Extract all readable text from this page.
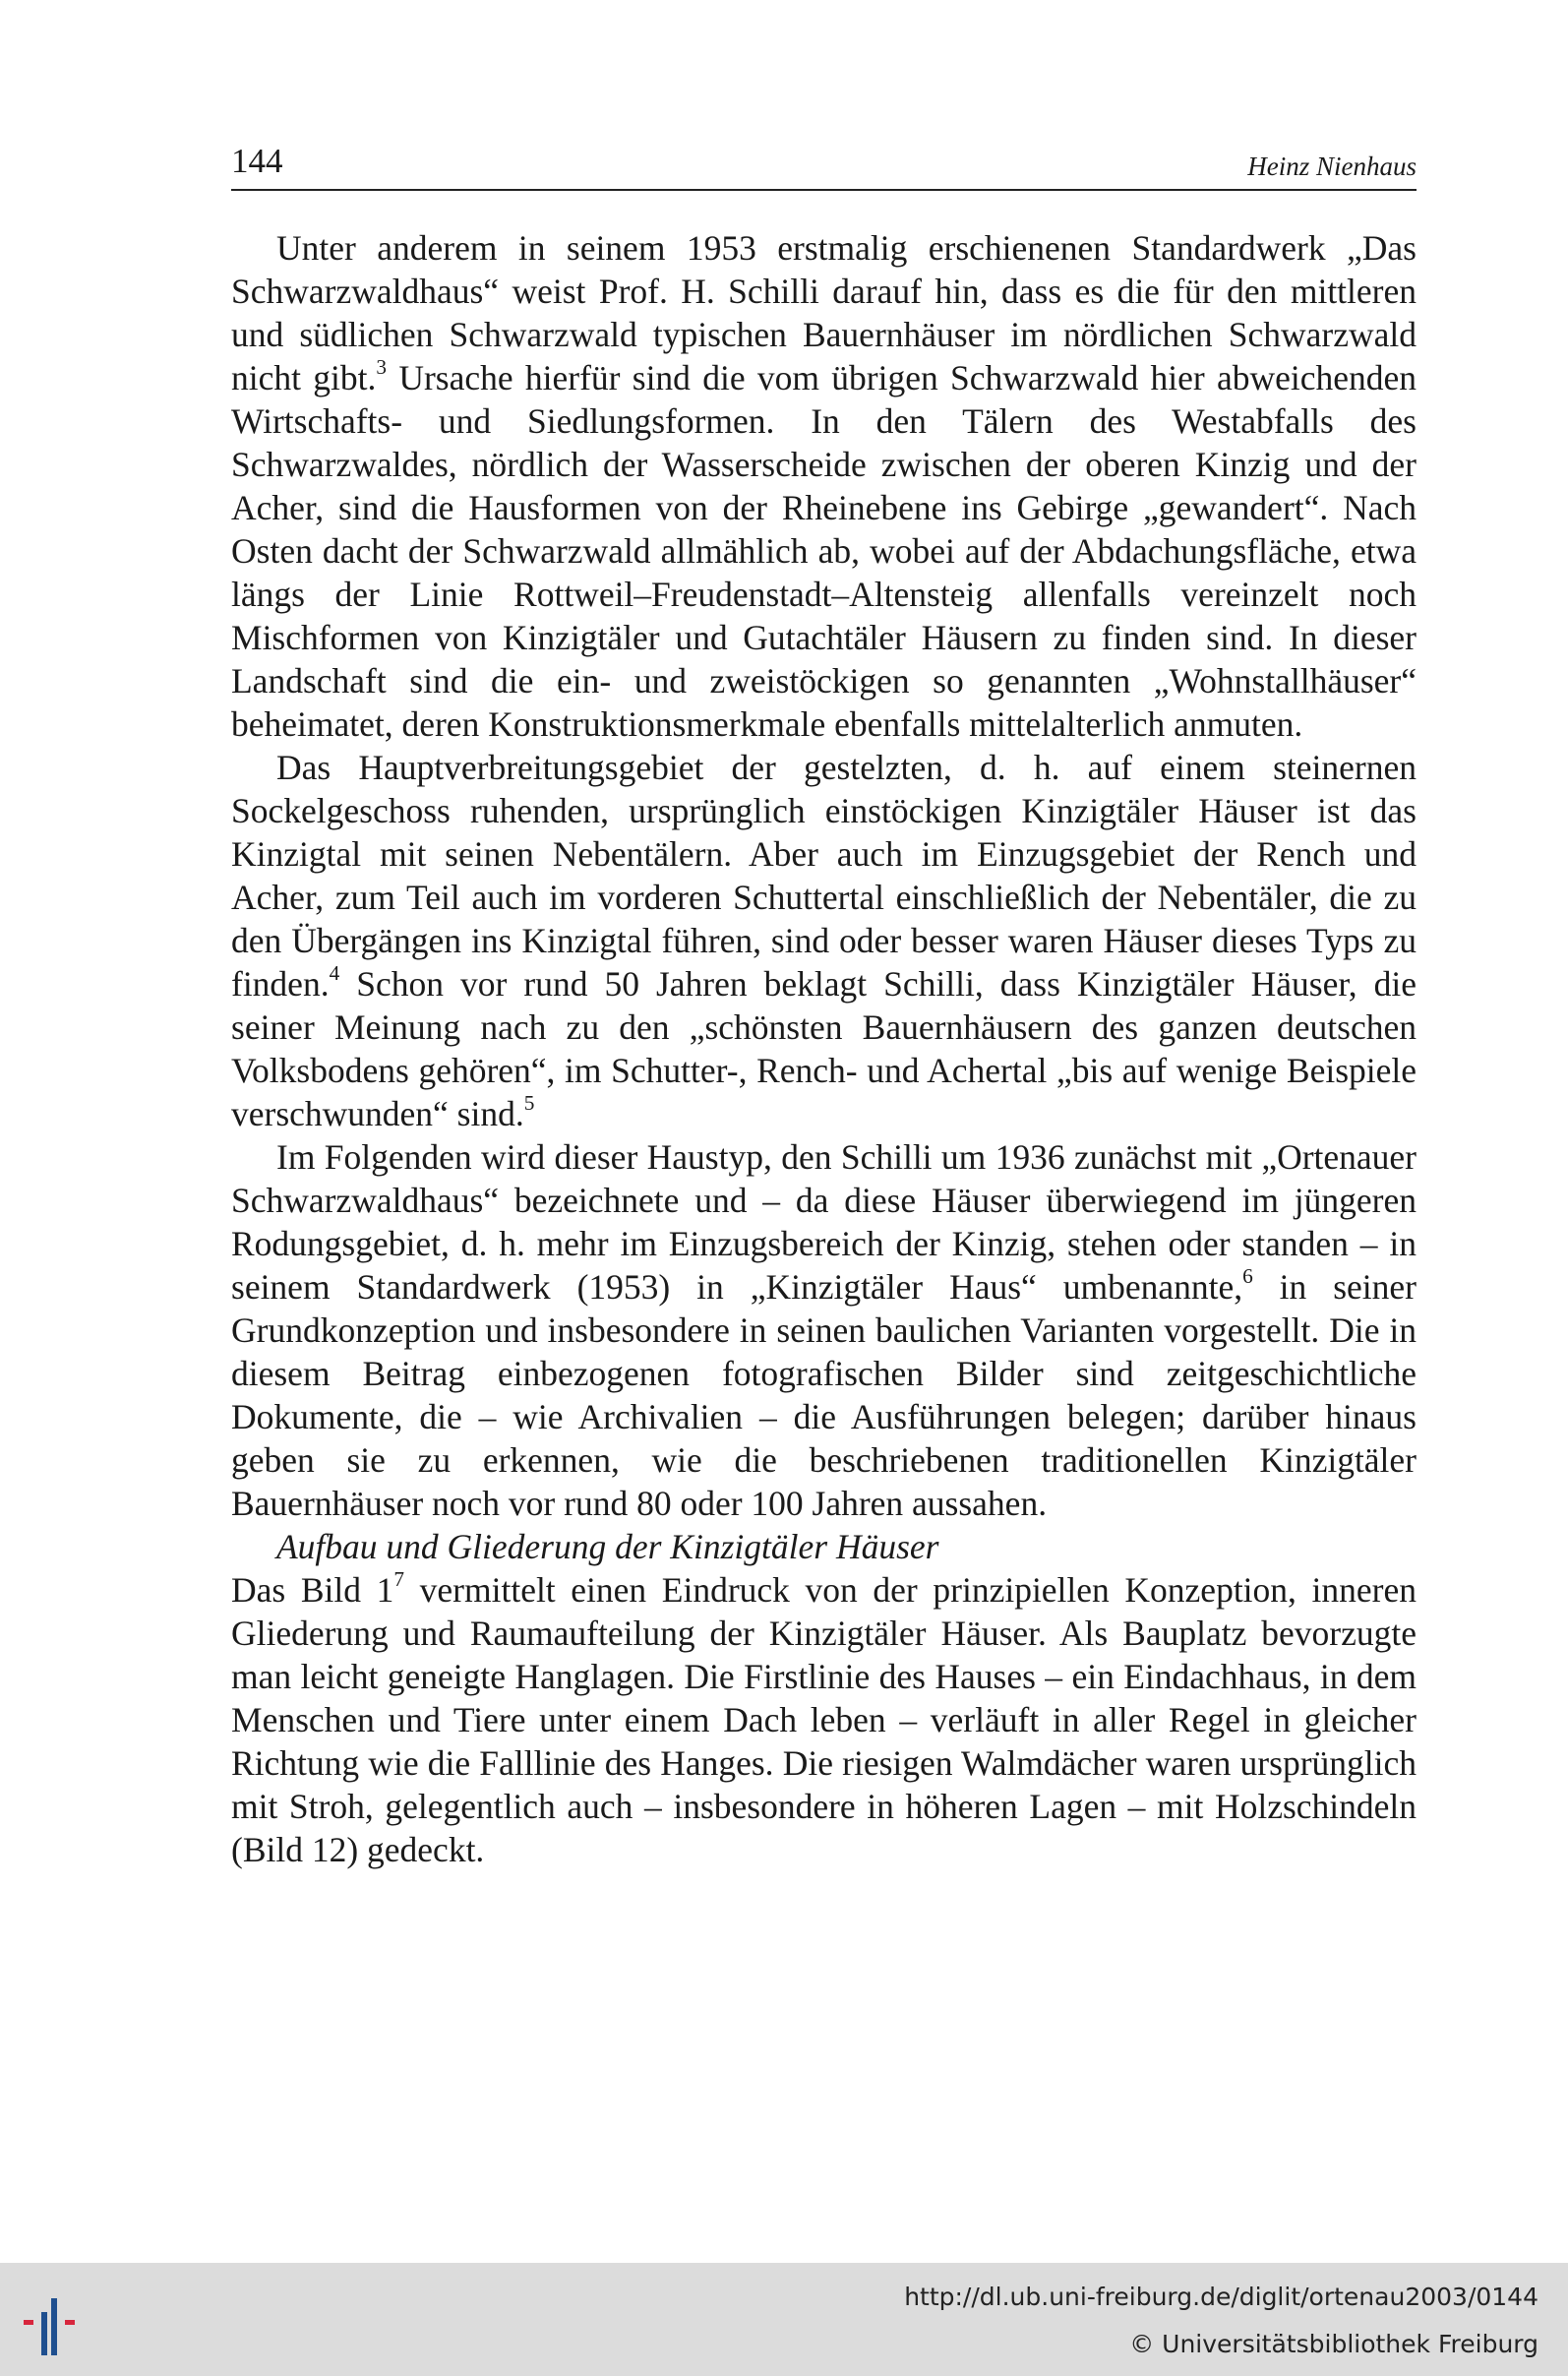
144	Heinz Nienhaus

Unter anderem in seinem 1953 erstmalig erschienenen Standardwerk „Das Schwarzwaldhaus“ weist Prof. H. Schilli darauf hin, dass es die für den mittleren und südlichen Schwarzwald typischen Bauernhäuser im nördlichen Schwarzwald nicht gibt.$^3$ Ursache hierfür sind die vom übrigen Schwarzwald hier abweichenden Wirtschafts- und Siedlungsformen. In den Tälern des Westabfalls des Schwarzwaldes, nördlich der Wasserscheide zwischen der oberen Kinzig und der Acher, sind die Hausformen von der Rheinebene ins Gebirge „gewandert“. Nach Osten dacht der Schwarzwald allmählich ab, wobei auf der Abdachungsfläche, etwa längs der Linie Rottweil–Freudenstadt–Altensteig allenfalls vereinzelt noch Mischformen von Kinzigtäler und Gutachtäler Häusern zu finden sind. In dieser Landschaft sind die ein- und zweistöckigen so genannten „Wohnstallhäuser“ beheimatet, deren Konstruktionsmerkmale ebenfalls mittelalterlich anmuten.

Das Hauptverbreitungsgebiet der gestelzten, d. h. auf einem steinernen Sockelgeschoss ruhenden, ursprünglich einstöckigen Kinzigtäler Häuser ist das Kinzigtal mit seinen Nebentälern. Aber auch im Einzugsgebiet der Rench und Acher, zum Teil auch im vorderen Schuttertal einschließlich der Nebentäler, die zu den Übergängen ins Kinzigtal führen, sind oder besser waren Häuser dieses Typs zu finden.$^4$ Schon vor rund 50 Jahren beklagt Schilli, dass Kinzigtäler Häuser, die seiner Meinung nach zu den „schönsten Bauernhäusern des ganzen deutschen Volksbodens gehören“, im Schutter-, Rench- und Achertal „bis auf wenige Beispiele verschwunden“ sind.$^5$

Im Folgenden wird dieser Haustyp, den Schilli um 1936 zunächst mit „Ortenauer Schwarzwaldhaus“ bezeichnete und – da diese Häuser überwiegend im jüngeren Rodungsgebiet, d. h. mehr im Einzugsbereich der Kinzig, stehen oder standen – in seinem Standardwerk (1953) in „Kinzigtäler Haus“ umbenannte,$^6$ in seiner Grundkonzeption und insbesondere in seinen baulichen Varianten vorgestellt. Die in diesem Beitrag einbezogenen fotografischen Bilder sind zeitgeschichtliche Dokumente, die – wie Archivalien – die Ausführungen belegen; darüber hinaus geben sie zu erkennen, wie die beschriebenen traditionellen Kinzigtäler Bauernhäuser noch vor rund 80 oder 100 Jahren aussahen.

Aufbau und Gliederung der Kinzigtäler Häuser

Das Bild $1^7$ vermittelt einen Eindruck von der prinzipiellen Konzeption, inneren Gliederung und Raumaufteilung der Kinzigtäler Häuser. Als Bauplatz bevorzugte man leicht geneigte Hanglagen. Die Firstlinie des Hauses – ein Eindachhaus, in dem Menschen und Tiere unter einem Dach leben – verläuft in aller Regel in gleicher Richtung wie die Falllinie des Hanges. Die riesigen Walmdächer waren ursprünglich mit Stroh, gelegentlich auch – insbesondere in höheren Lagen – mit Holzschindeln (Bild 12) gedeckt.

http://dl.ub.uni-freiburg.de/diglit/ortenau2003/0144
© Universitätsbibliothek Freiburg
